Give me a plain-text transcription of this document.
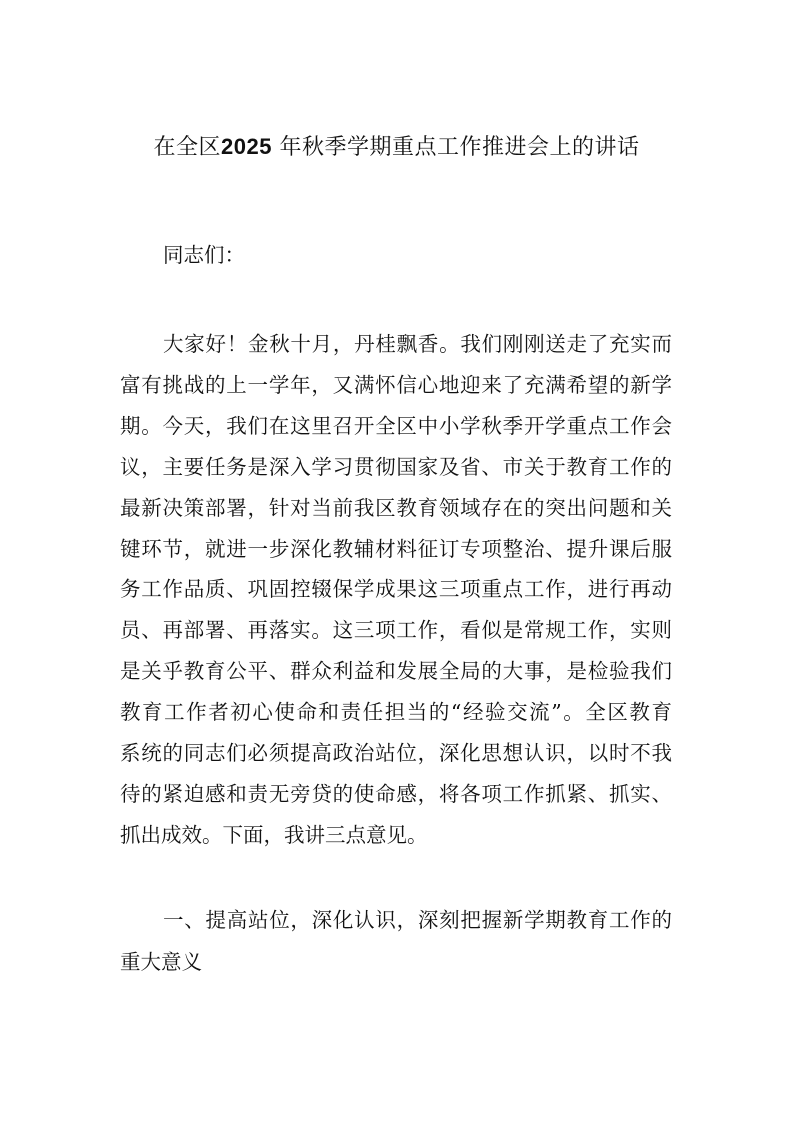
在全区2025 年秋季学期重点工作推进会上的讲话
同志们：
大家好！金秋十月，丹桂飘香。我们刚刚送走了充实而
富有挑战的上一学年，又满怀信心地迎来了充满希望的新学
期。今天，我们在这里召开全区中小学秋季开学重点工作会
议，主要任务是深入学习贯彻国家及省、市关于教育工作的
最新决策部署，针对当前我区教育领域存在的突出问题和关
键环节，就进一步深化教辅材料征订专项整治、提升课后服
务工作品质、巩固控辍保学成果这三项重点工作，进行再动
员、再部署、再落实。这三项工作，看似是常规工作，实则
是关乎教育公平、群众利益和发展全局的大事，是检验我们
教育工作者初心使命和责任担当的“经验交流”。全区教育
系统的同志们必须提高政治站位，深化思想认识，以时不我
待的紧迫感和责无旁贷的使命感，将各项工作抓紧、抓实、
抓出成效。下面，我讲三点意见。
一、提高站位，深化认识，深刻把握新学期教育工作的
重大意义
